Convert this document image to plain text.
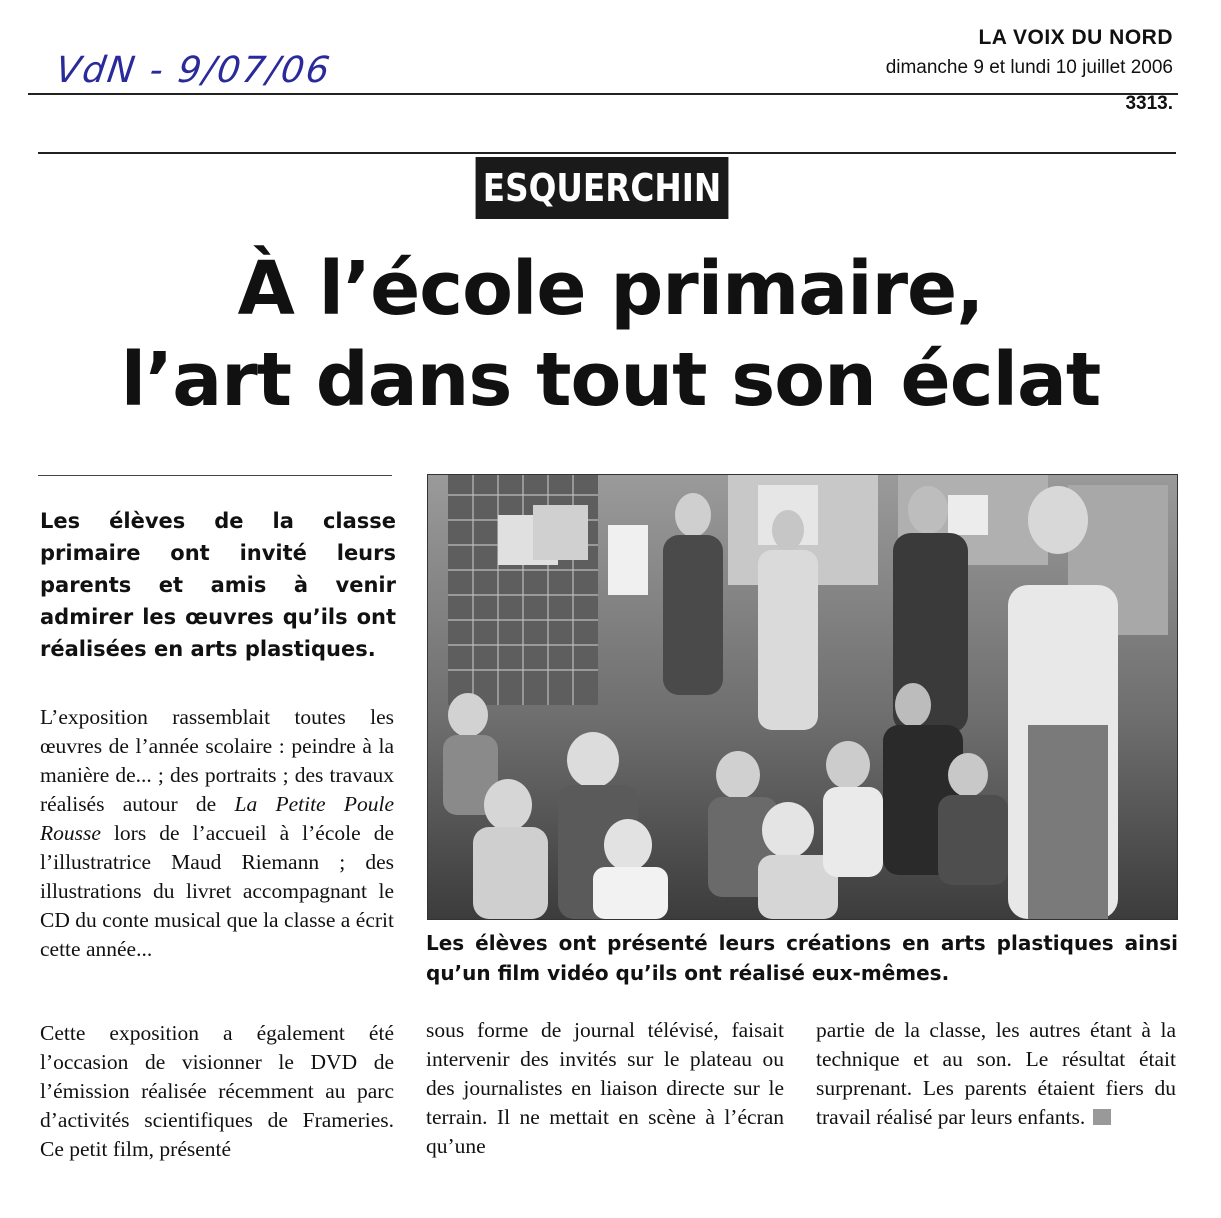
VdN - 9/07/06
LA VOIX DU NORD
dimanche 9 et lundi 10 juillet 2006
3313.
ESQUERCHIN
À l’école primaire,
l’art dans tout son éclat
Les élèves de la classe primaire ont invité leurs parents et amis à venir admirer les œuvres qu’ils ont réalisées en arts plastiques.
L’exposition rassemblait toutes les œuvres de l’année scolaire : peindre à la manière de... ; des portraits ; des travaux réalisés autour de La Petite Poule Rousse lors de l’accueil à l’école de l’illustratrice Maud Riemann ; des illustrations du livret accompagnant le CD du conte musical que la classe a écrit cette année...
Cette exposition a également été l’occasion de visionner le DVD de l’émission réalisée récemment au parc d’activités scientifiques de Frameries. Ce petit film, présenté
sous forme de journal télévisé, faisait intervenir des invités sur le plateau ou des journalistes en liaison directe sur le terrain. Il ne mettait en scène à l’écran qu’une
partie de la classe, les autres étant à la technique et au son. Le résultat était surprenant. Les parents étaient fiers du travail réalisé par leurs enfants.
Les élèves ont présenté leurs créations en arts plastiques ainsi qu’un film vidéo qu’ils ont réalisé eux-mêmes.
